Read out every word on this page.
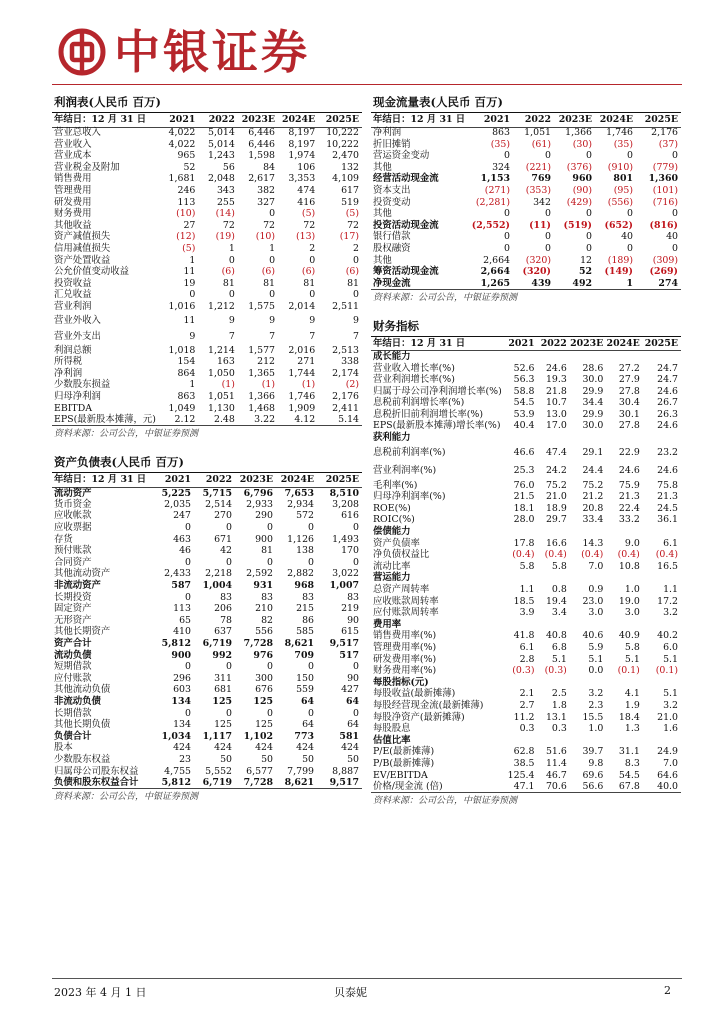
中银证券
利润表(人民币 百万)
年结日：12 月 31 日	2021	2022	2023E	2024E	2025E
营业总收入	4,022	5,014	6,446	8,197	10,222
营业收入	4,022	5,014	6,446	8,197	10,222
营业成本	965	1,243	1,598	1,974	2,470
营业税金及附加	52	56	84	106	132
销售费用	1,681	2,048	2,617	3,353	4,109
管理费用	246	343	382	474	617
研发费用	113	255	327	416	519
财务费用	(10)	(14)	0	(5)	(5)
其他收益	27	72	72	72	72
资产减值损失	(12)	(19)	(10)	(13)	(17)
信用减值损失	(5)	1	1	2	2
资产处置收益	1	0	0	0	0
公允价值变动收益	11	(6)	(6)	(6)	(6)
投资收益	19	81	81	81	81
汇兑收益	0	0	0	0	0
营业利润	1,016	1,212	1,575	2,014	2,511
营业外收入	11	9	9	9	9
营业外支出	9	7	7	7	7
利润总额	1,018	1,214	1,577	2,016	2,513
所得税	154	163	212	271	338
净利润	864	1,050	1,365	1,744	2,174
少数股东损益	1	(1)	(1)	(1)	(2)
归母净利润	863	1,051	1,366	1,746	2,176
EBITDA	1,049	1,130	1,468	1,909	2,411
EPS(最新股本摊薄，元)	2.12	2.48	3.22	4.12	5.14
资料来源：公司公告，中银证券预测
资产负债表(人民币 百万)
年结日：12 月 31 日	2021	2022	2023E	2024E	2025E
流动资产	5,225	5,715	6,796	7,653	8,510
货币资金	2,035	2,514	2,933	2,934	3,208
应收帐款	247	270	290	572	616
应收票据	0	0	0	0	0
存货	463	671	900	1,126	1,493
预付账款	46	42	81	138	170
合同资产	0	0	0	0	0
其他流动资产	2,433	2,218	2,592	2,882	3,022
非流动资产	587	1,004	931	968	1,007
长期投资	0	83	83	83	83
固定资产	113	206	210	215	219
无形资产	65	78	82	86	90
其他长期资产	410	637	556	585	615
资产合计	5,812	6,719	7,728	8,621	9,517
流动负债	900	992	976	709	517
短期借款	0	0	0	0	0
应付账款	296	311	300	150	90
其他流动负债	603	681	676	559	427
非流动负债	134	125	125	64	64
长期借款	0	0	0	0	0
其他长期负债	134	125	125	64	64
负债合计	1,034	1,117	1,102	773	581
股本	424	424	424	424	424
少数股东权益	23	50	50	50	50
归属母公司股东权益	4,755	5,552	6,577	7,799	8,887
负债和股东权益合计	5,812	6,719	7,728	8,621	9,517
资料来源：公司公告，中银证券预测
现金流量表(人民币 百万)
年结日：12 月 31 日	2021	2022	2023E	2024E	2025E
净利润	863	1,051	1,366	1,746	2,176
折旧摊销	(35)	(61)	(30)	(35)	(37)
营运资金变动	0	0	0	0	0
其他	324	(221)	(376)	(910)	(779)
经营活动现金流	1,153	769	960	801	1,360
资本支出	(271)	(353)	(90)	(95)	(101)
投资变动	(2,281)	342	(429)	(556)	(716)
其他	0	0	0	0	0
投资活动现金流	(2,552)	(11)	(519)	(652)	(816)
银行借款	0	0	0	40	40
股权融资	0	0	0	0	0
其他	2,664	(320)	12	(189)	(309)
筹资活动现金流	2,664	(320)	52	(149)	(269)
净现金流	1,265	439	492	1	274
资料来源：公司公告，中银证券预测
财务指标
年结日：12 月 31 日	2021	2022	2023E	2024E	2025E
成长能力					
营业收入增长率(%)	52.6	24.6	28.6	27.2	24.7
营业利润增长率(%)	56.3	19.3	30.0	27.9	24.7
归属于母公司净利润增长率(%)	58.8	21.8	29.9	27.8	24.6
息税前利润增长率(%)	54.5	10.7	34.4	30.4	26.7
息税折旧前利润增长率(%)	53.9	13.0	29.9	30.1	26.3
EPS(最新股本摊薄)增长率(%)	40.4	17.0	30.0	27.8	24.6
获利能力					
息税前利润率(%)	46.6	47.4	29.1	22.9	23.2
营业利润率(%)	25.3	24.2	24.4	24.6	24.6
毛利率(%)	76.0	75.2	75.2	75.9	75.8
归母净利润率(%)	21.5	21.0	21.2	21.3	21.3
ROE(%)	18.1	18.9	20.8	22.4	24.5
ROIC(%)	28.0	29.7	33.4	33.2	36.1
偿债能力					
资产负债率	17.8	16.6	14.3	9.0	6.1
净负债权益比	(0.4)	(0.4)	(0.4)	(0.4)	(0.4)
流动比率	5.8	5.8	7.0	10.8	16.5
营运能力					
总资产周转率	1.1	0.8	0.9	1.0	1.1
应收账款周转率	18.5	19.4	23.0	19.0	17.2
应付账款周转率	3.9	3.4	3.0	3.0	3.2
费用率					
销售费用率(%)	41.8	40.8	40.6	40.9	40.2
管理费用率(%)	6.1	6.8	5.9	5.8	6.0
研发费用率(%)	2.8	5.1	5.1	5.1	5.1
财务费用率(%)	(0.3)	(0.3)	0.0	(0.1)	(0.1)
每股指标(元)					
每股收益(最新摊薄)	2.1	2.5	3.2	4.1	5.1
每股经营现金流(最新摊薄)	2.7	1.8	2.3	1.9	3.2
每股净资产(最新摊薄)	11.2	13.1	15.5	18.4	21.0
每股股息	0.3	0.3	1.0	1.3	1.6
估值比率					
P/E(最新摊薄)	62.8	51.6	39.7	31.1	24.9
P/B(最新摊薄)	38.5	11.4	9.8	8.3	7.0
EV/EBITDA	125.4	46.7	69.6	54.5	64.6
价格/现金流 (倍)	47.1	70.6	56.6	67.8	40.0
资料来源：公司公告，中银证券预测
2023 年 4 月 1 日	贝泰妮	2
